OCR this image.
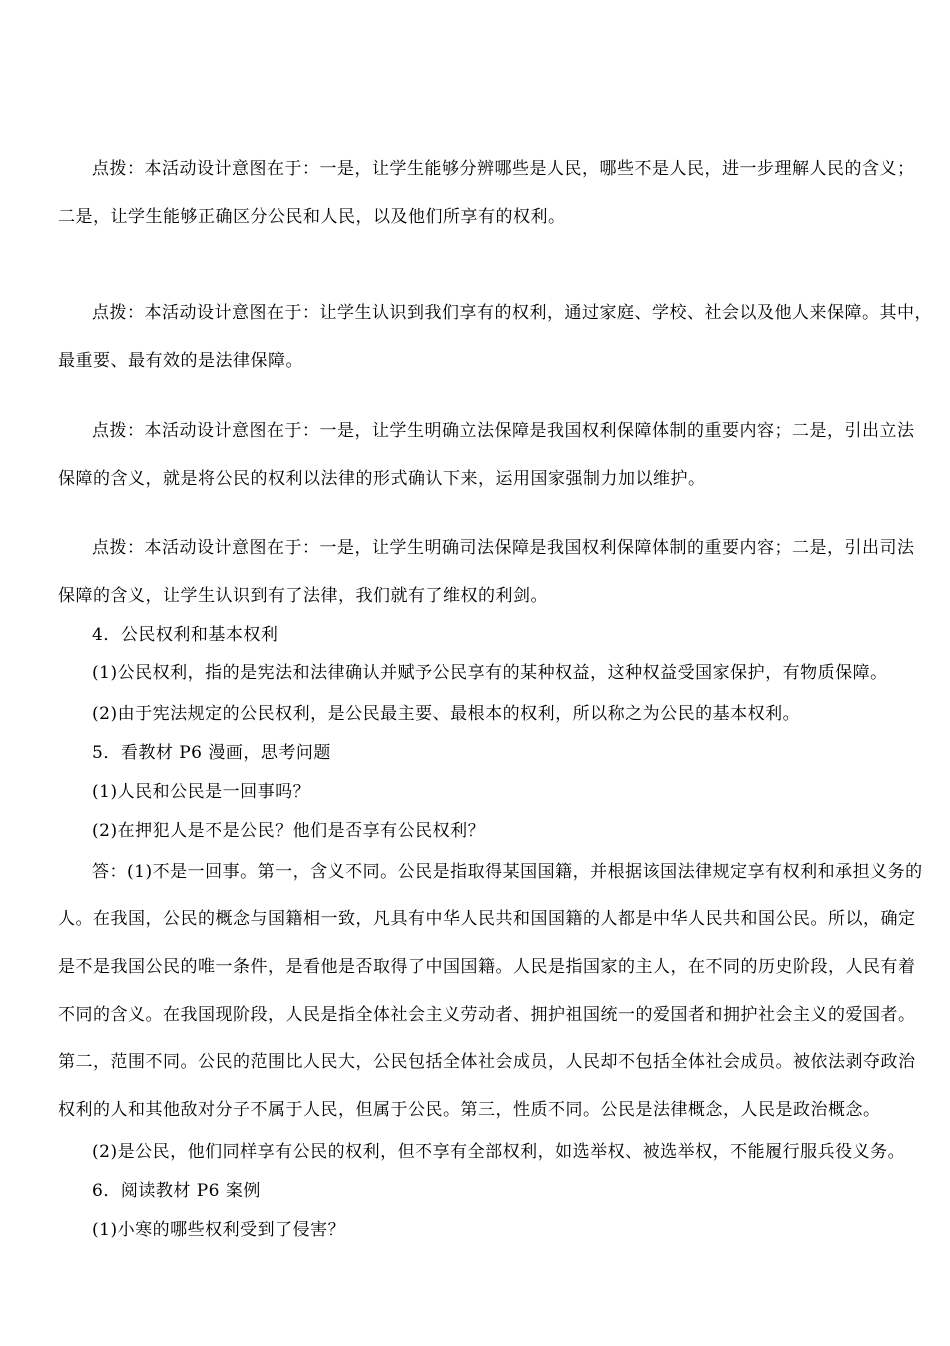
点拨：本活动设计意图在于：一是，让学生能够分辨哪些是人民，哪些不是人民，进一步理解人民的含义；
二是，让学生能够正确区分公民和人民，以及他们所享有的权利。
点拨：本活动设计意图在于：让学生认识到我们享有的权利，通过家庭、学校、社会以及他人来保障。其中，
最重要、最有效的是法律保障。
点拨：本活动设计意图在于：一是，让学生明确立法保障是我国权利保障体制的重要内容；二是，引出立法
保障的含义，就是将公民的权利以法律的形式确认下来，运用国家强制力加以维护。
点拨：本活动设计意图在于：一是，让学生明确司法保障是我国权利保障体制的重要内容；二是，引出司法
保障的含义，让学生认识到有了法律，我们就有了维权的利剑。
4．公民权利和基本权利
(1)公民权利，指的是宪法和法律确认并赋予公民享有的某种权益，这种权益受国家保护，有物质保障。
(2)由于宪法规定的公民权利，是公民最主要、最根本的权利，所以称之为公民的基本权利。
5．看教材 P6 漫画，思考问题
(1)人民和公民是一回事吗？
(2)在押犯人是不是公民？他们是否享有公民权利？
答：(1)不是一回事。第一，含义不同。公民是指取得某国国籍，并根据该国法律规定享有权利和承担义务的
人。在我国，公民的概念与国籍相一致，凡具有中华人民共和国国籍的人都是中华人民共和国公民。所以，确定
是不是我国公民的唯一条件，是看他是否取得了中国国籍。人民是指国家的主人，在不同的历史阶段，人民有着
不同的含义。在我国现阶段，人民是指全体社会主义劳动者、拥护祖国统一的爱国者和拥护社会主义的爱国者。
第二，范围不同。公民的范围比人民大，公民包括全体社会成员，人民却不包括全体社会成员。被依法剥夺政治
权利的人和其他敌对分子不属于人民，但属于公民。第三，性质不同。公民是法律概念，人民是政治概念。
(2)是公民，他们同样享有公民的权利，但不享有全部权利，如选举权、被选举权，不能履行服兵役义务。
6．阅读教材 P6 案例
(1)小寒的哪些权利受到了侵害？
